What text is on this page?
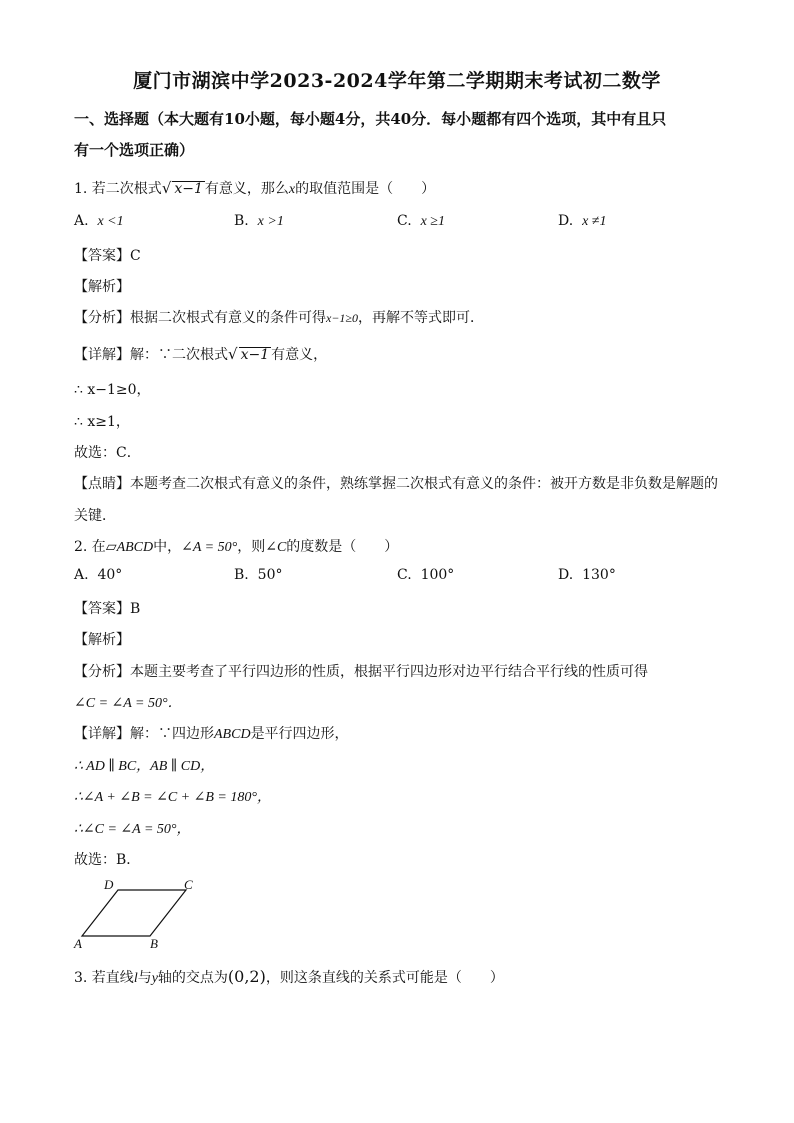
厦门市湖滨中学2023-2024学年第二学期期末考试初二数学
一、选择题（本大题有10小题，每小题4分，共40分．每小题都有四个选项，其中有且只
有一个选项正确）
1. 若二次根式√ x−1 有意义，那么x的取值范围是（　　）
A. x <1	B. x >1	C. x ≥1	D. x ≠1
【答案】C
【解析】
【分析】根据二次根式有意义的条件可得x−1≥0，再解不等式即可．
【详解】解：∵二次根式√ x−1 有意义，
∴ x−1≥0，
∴ x≥1，
故选：C．
【点睛】本题考查二次根式有意义的条件，熟练掌握二次根式有意义的条件：被开方数是非负数是解题的
关键．
2. 在▱ABCD中，∠A = 50°，则∠C的度数是（　　）
A. 40°	B. 50°	C. 100°	D. 130°
【答案】B
【解析】
【分析】本题主要考查了平行四边形的性质，根据平行四边形对边平行结合平行线的性质可得
∠C = ∠A = 50°．
【详解】解：∵四边形ABCD是平行四边形，
∴ AD ∥ BC，AB ∥ CD，
∴∠A + ∠B = ∠C + ∠B = 180°，
∴∠C = ∠A = 50°，
故选：B．
D	C
A	B
3. 若直线l与y轴的交点为(0,2)，则这条直线的关系式可能是（　　）
